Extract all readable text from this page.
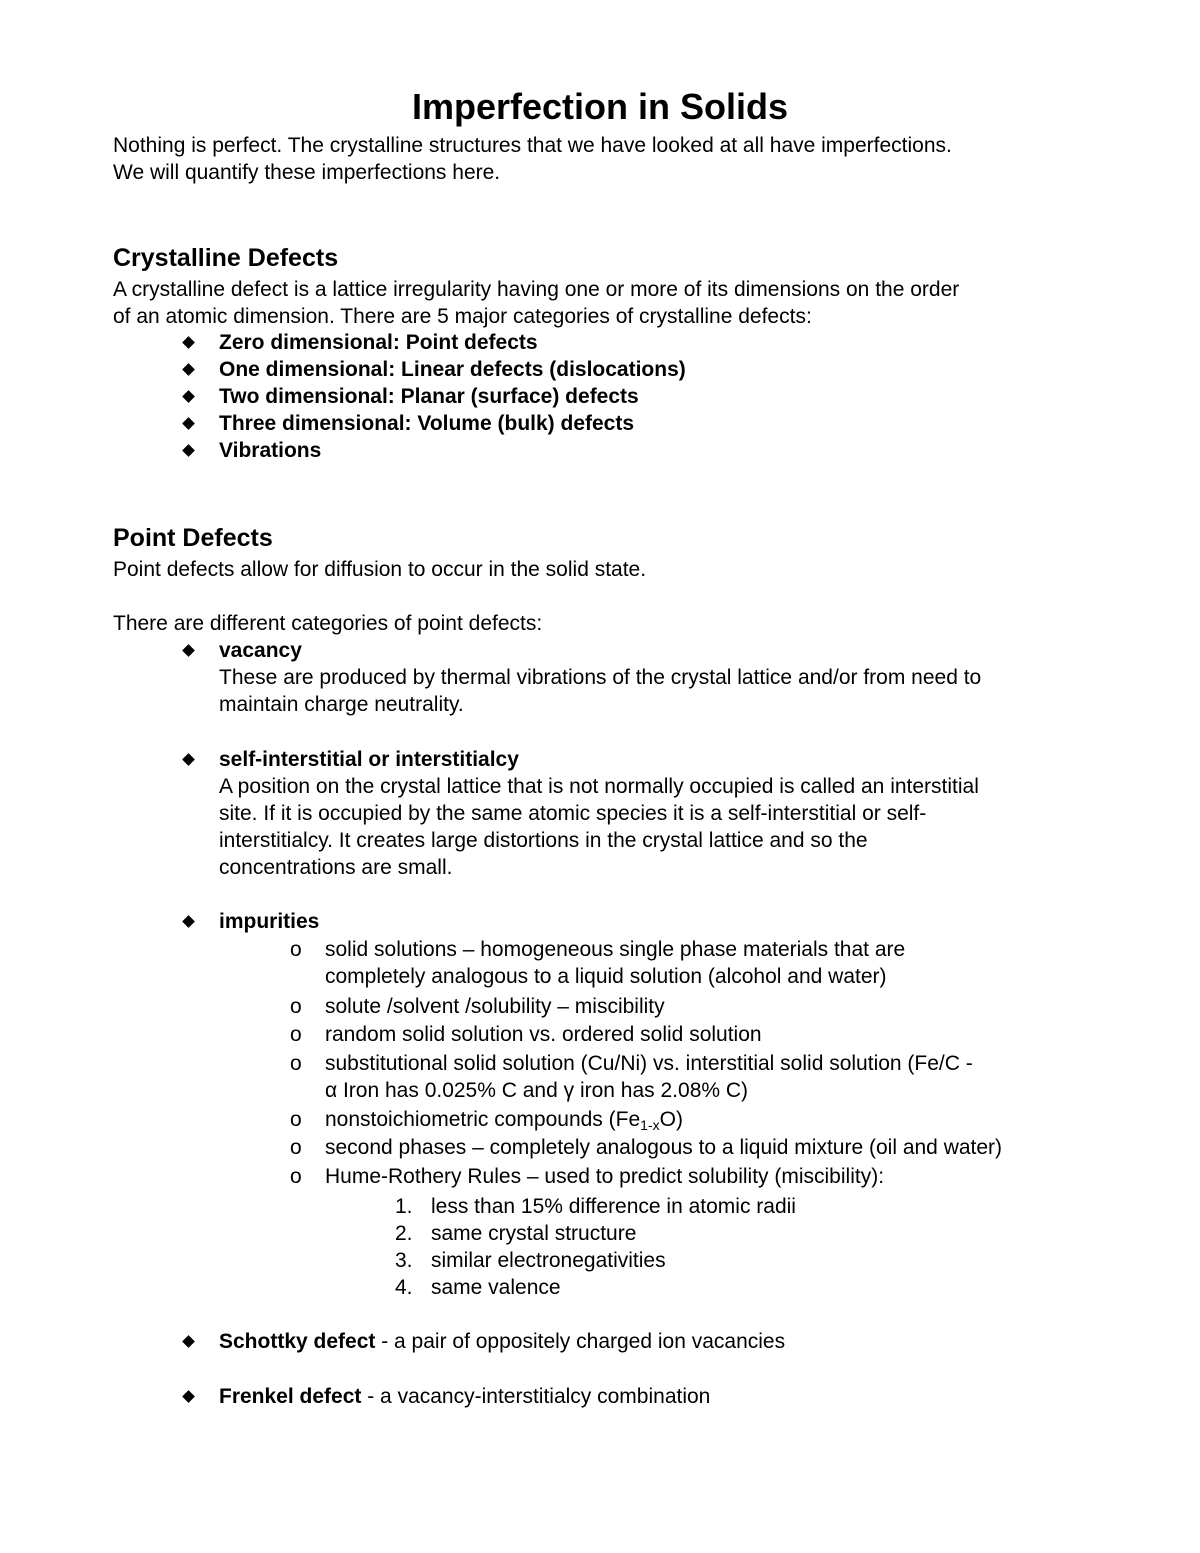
Imperfection in Solids
Nothing is perfect. The crystalline structures that we have looked at all have imperfections.
We will quantify these imperfections here.
Crystalline Defects
A crystalline defect is a lattice irregularity having one or more of its dimensions on the order
of an atomic dimension. There are 5 major categories of crystalline defects:
Zero dimensional: Point defects
One dimensional: Linear defects (dislocations)
Two dimensional: Planar (surface) defects
Three dimensional: Volume (bulk) defects
Vibrations
Point Defects
Point defects allow for diffusion to occur in the solid state.
There are different categories of point defects:
vacancy
These are produced by thermal vibrations of the crystal lattice and/or from need to
maintain charge neutrality.
self-interstitial or interstitialcy
A position on the crystal lattice that is not normally occupied is called an interstitial
site. If it is occupied by the same atomic species it is a self-interstitial or self-
interstitialcy. It creates large distortions in the crystal lattice and so the
concentrations are small.
impurities
o solid solutions – homogeneous single phase materials that are
completely analogous to a liquid solution (alcohol and water)
o solute /solvent /solubility – miscibility
o random solid solution vs. ordered solid solution
o substitutional solid solution (Cu/Ni) vs. interstitial solid solution (Fe/C -
α Iron has 0.025% C and γ iron has 2.08% C)
o nonstoichiometric compounds $(Fe_{1-x}O)$
o second phases – completely analogous to a liquid mixture (oil and water)
o Hume-Rothery Rules – used to predict solubility (miscibility):
1. less than 15% difference in atomic radii
2. same crystal structure
3. similar electronegativities
4. same valence
Schottky defect - a pair of oppositely charged ion vacancies
Frenkel defect - a vacancy-interstitialcy combination
